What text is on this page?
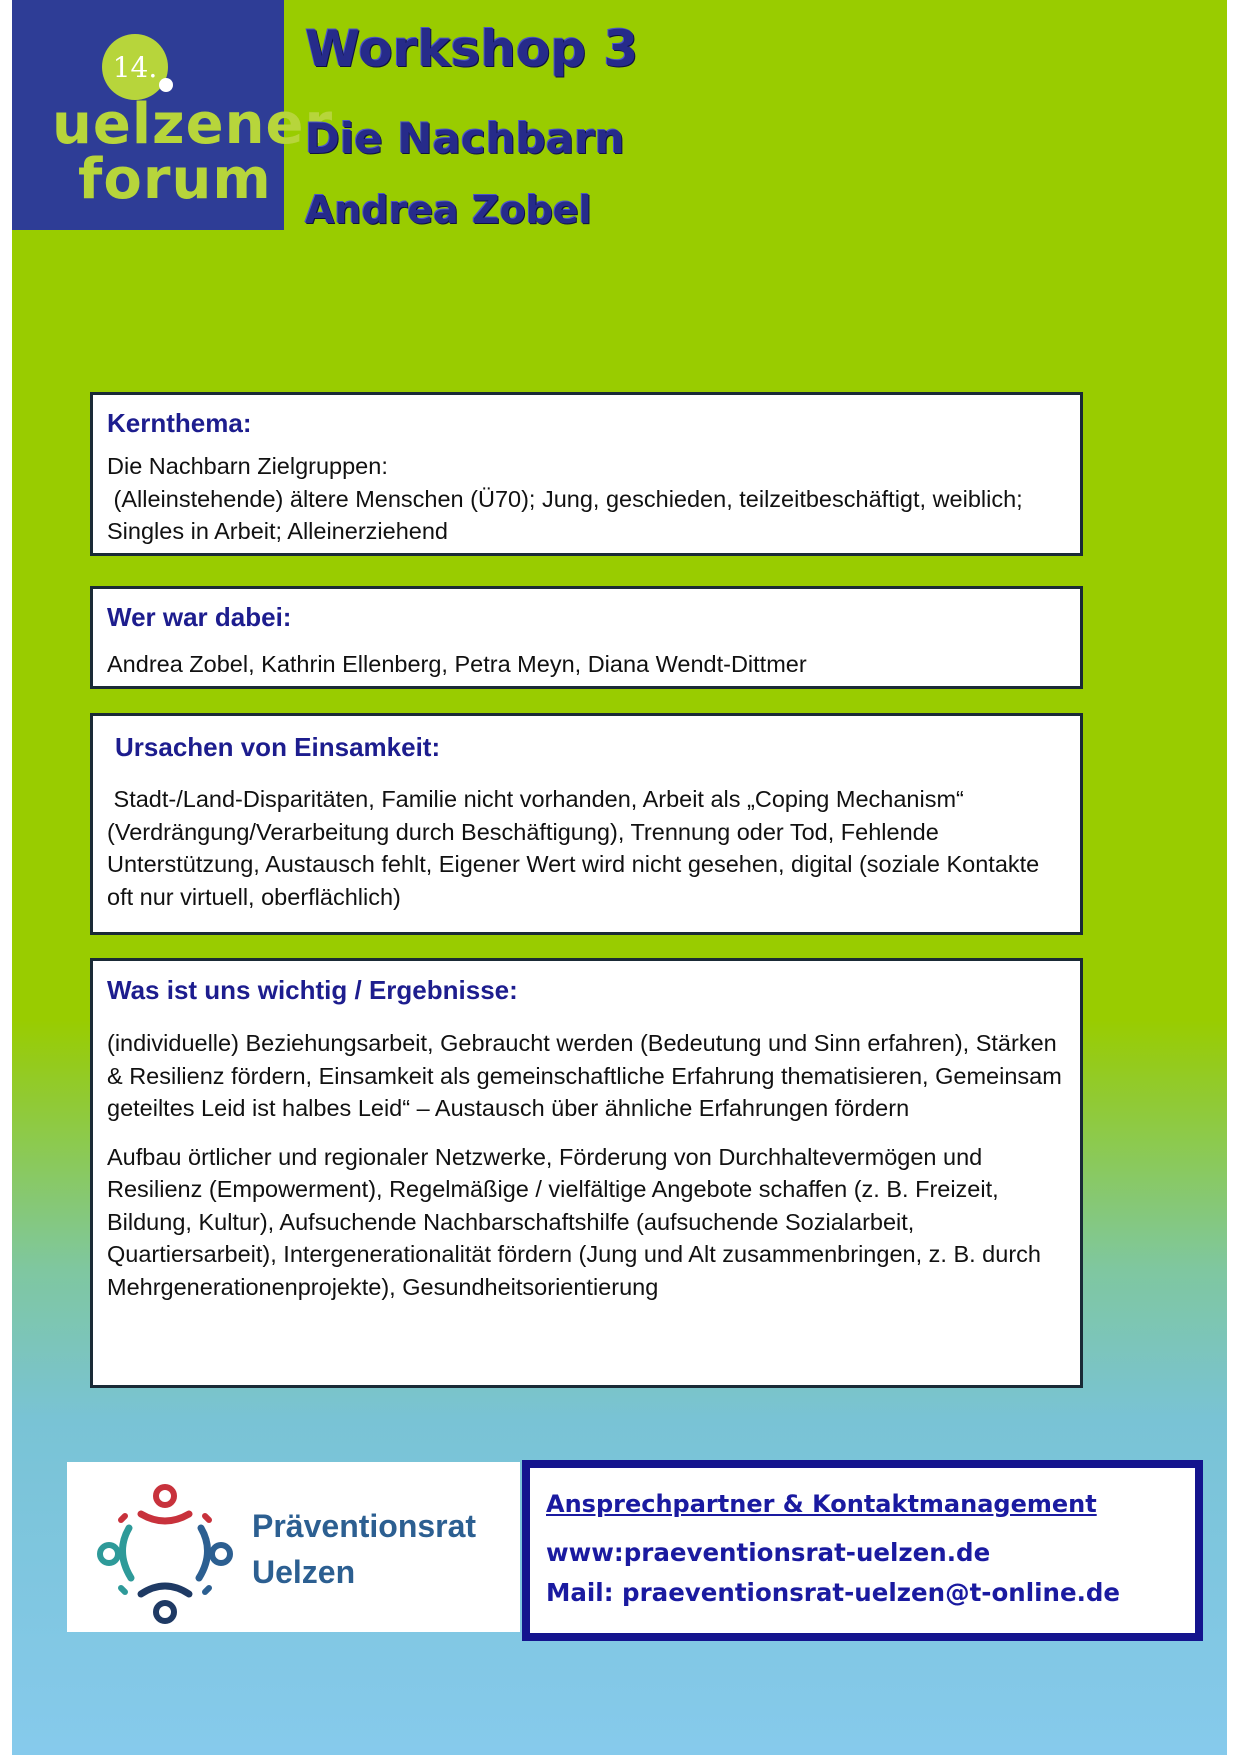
14.
uelzener
forum
Workshop 3
Die Nachbarn
Andrea Zobel
Kernthema:

Die Nachbarn Zielgruppen:
(Alleinstehende) ältere Menschen (Ü70); Jung, geschieden, teilzeitbeschäftigt, weiblich; Singles in Arbeit; Alleinerziehend

Wer war dabei:

Andrea Zobel, Kathrin Ellenberg, Petra Meyn, Diana Wendt-Dittmer

Ursachen von Einsamkeit:

Stadt-/Land-Disparitäten, Familie nicht vorhanden, Arbeit als „Coping Mechanism“ (Verdrängung/Verarbeitung durch Beschäftigung), Trennung oder Tod, Fehlende Unterstützung, Austausch fehlt, Eigener Wert wird nicht gesehen, digital (soziale Kontakte oft nur virtuell, oberflächlich)

Was ist uns wichtig / Ergebnisse:

(individuelle) Beziehungsarbeit, Gebraucht werden (Bedeutung und Sinn erfahren), Stärken & Resilienz fördern, Einsamkeit als gemeinschaftliche Erfahrung thematisieren, Gemeinsam geteiltes Leid ist halbes Leid“ – Austausch über ähnliche Erfahrungen fördern

Aufbau örtlicher und regionaler Netzwerke, Förderung von Durchhaltevermögen und Resilienz (Empowerment), Regelmäßige / vielfältige Angebote schaffen (z. B. Freizeit, Bildung, Kultur), Aufsuchende Nachbarschaftshilfe (aufsuchende Sozialarbeit, Quartiersarbeit), Intergenerationalität fördern (Jung und Alt zusammenbringen, z. B. durch Mehrgenerationenprojekte), Gesundheitsorientierung

Präventionsrat
Uelzen
Ansprechpartner & Kontaktmanagement
www:praeventionsrat-uelzen.de
Mail: praeventionsrat-uelzen@t-online.de
